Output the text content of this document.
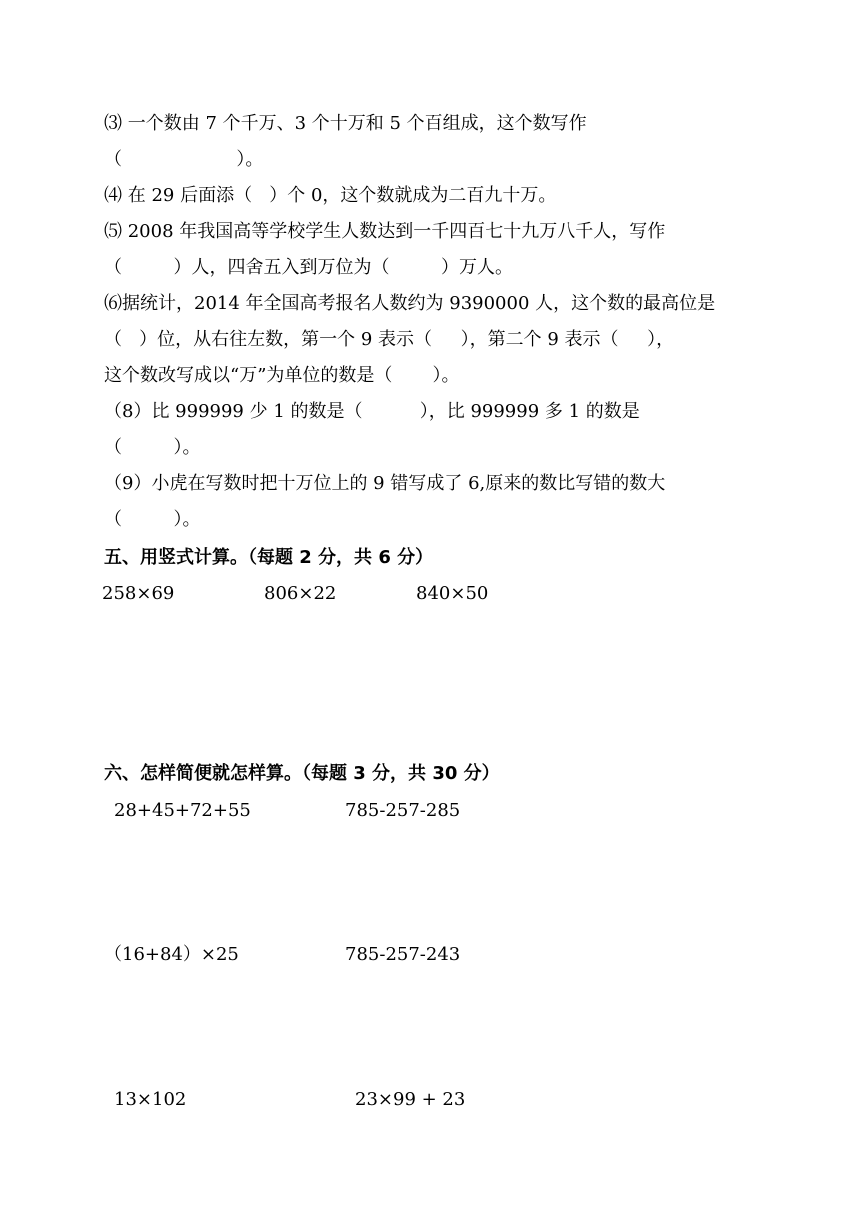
⑶ 一个数由 7 个千万、3 个十万和 5 个百组成，这个数写作
（                    ）。
⑷ 在 29 后面添（   ）个 0，这个数就成为二百九十万。
⑸ 2008 年我国高等学校学生人数达到一千四百七十九万八千人，写作
（         ）人，四舍五入到万位为（         ）万人。
⑹据统计，2014 年全国高考报名人数约为 9390000 人，这个数的最高位是
（   ）位，从右往左数，第一个 9 表示（     ），第二个 9 表示（     ），
这个数改写成以“万”为单位的数是（       ）。
（8）比 999999 少 1 的数是（          ），比 999999 多 1 的数是
（         ）。
（9）小虎在写数时把十万位上的 9 错写成了 6,原来的数比写错的数大
（         ）。
五、用竖式计算。（每题 2 分，共 6 分）
258×69	806×22	840×50
六、怎样简便就怎样算。（每题 3 分，共 30 分）
28+45+72+55	785-257-285
（16+84）×25	785-257-243
13×102	23×99 + 23
